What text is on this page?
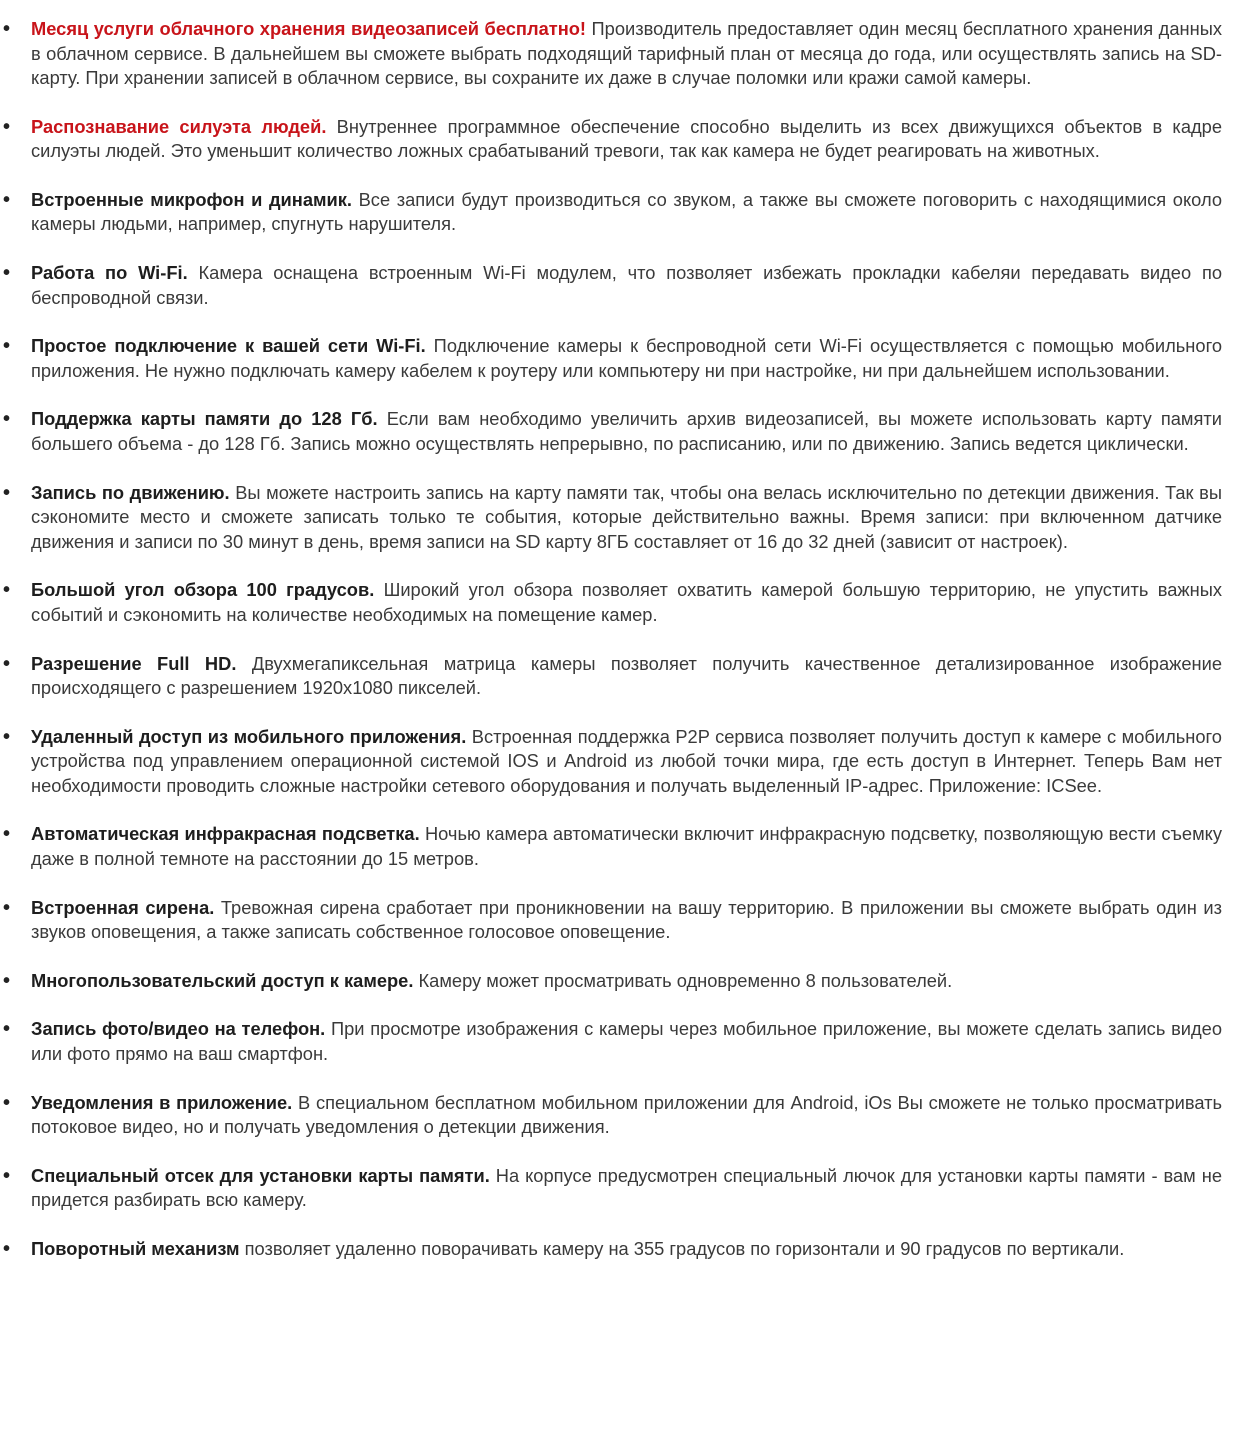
• Месяц услуги облачного хранения видеозаписей бесплатно! Производитель предоставляет один месяц бесплатного хранения данных в облачном сервисе. В дальнейшем вы сможете выбрать подходящий тарифный план от месяца до года, или осуществлять запись на SD-карту. При хранении записей в облачном сервисе, вы сохраните их даже в случае поломки или кражи самой камеры.
• Распознавание силуэта людей. Внутреннее программное обеспечение способно выделить из всех движущихся объектов в кадре силуэты людей. Это уменьшит количество ложных срабатываний тревоги, так как камера не будет реагировать на животных.
• Встроенные микрофон и динамик. Все записи будут производиться со звуком, а также вы сможете поговорить с находящимися около камеры людьми, например, спугнуть нарушителя.
• Работа по Wi-Fi. Камера оснащена встроенным Wi-Fi модулем, что позволяет избежать прокладки кабеляи передавать видео по беспроводной связи.
• Простое подключение к вашей сети Wi-Fi. Подключение камеры к беспроводной сети Wi-Fi осуществляется с помощью мобильного приложения. Не нужно подключать камеру кабелем к роутеру или компьютеру ни при настройке, ни при дальнейшем использовании.
• Поддержка карты памяти до 128 Гб. Если вам необходимо увеличить архив видеозаписей, вы можете использовать карту памяти большего объема - до 128 Гб. Запись можно осуществлять непрерывно, по расписанию, или по движению. Запись ведется циклически.
• Запись по движению. Вы можете настроить запись на карту памяти так, чтобы она велась исключительно по детекции движения. Так вы сэкономите место и сможете записать только те события, которые действительно важны. Время записи: при включенном датчике движения и записи по 30 минут в день, время записи на SD карту 8ГБ составляет от 16 до 32 дней (зависит от настроек).
• Большой угол обзора 100 градусов. Широкий угол обзора позволяет охватить камерой большую территорию, не упустить важных событий и сэкономить на количестве необходимых на помещение камер.
• Разрешение Full HD. Двухмегапиксельная матрица камеры позволяет получить качественное детализированное изображение происходящего с разрешением 1920x1080 пикселей.
• Удаленный доступ из мобильного приложения. Встроенная поддержка P2P сервиса позволяет получить доступ к камере с мобильного устройства под управлением операционной системой IOS и Android из любой точки мира, где есть доступ в Интернет. Теперь Вам нет необходимости проводить сложные настройки сетевого оборудования и получать выделенный IP-адрес. Приложение: ICSee.
• Автоматическая инфракрасная подсветка. Ночью камера автоматически включит инфракрасную подсветку, позволяющую вести съемку даже в полной темноте на расстоянии до 15 метров.
• Встроенная сирена. Тревожная сирена сработает при проникновении на вашу территорию. В приложении вы сможете выбрать один из звуков оповещения, а также записать собственное голосовое оповещение.
• Многопользовательский доступ к камере. Камеру может просматривать одновременно 8 пользователей.
• Запись фото/видео на телефон. При просмотре изображения с камеры через мобильное приложение, вы можете сделать запись видео или фото прямо на ваш смартфон.
• Уведомления в приложение. В специальном бесплатном мобильном приложении для Android, iOs Вы сможете не только просматривать потоковое видео, но и получать уведомления о детекции движения.
• Специальный отсек для установки карты памяти. На корпусе предусмотрен специальный лючок для установки карты памяти - вам не придется разбирать всю камеру.
• Поворотный механизм позволяет удаленно поворачивать камеру на 355 градусов по горизонтали и 90 градусов по вертикали.
